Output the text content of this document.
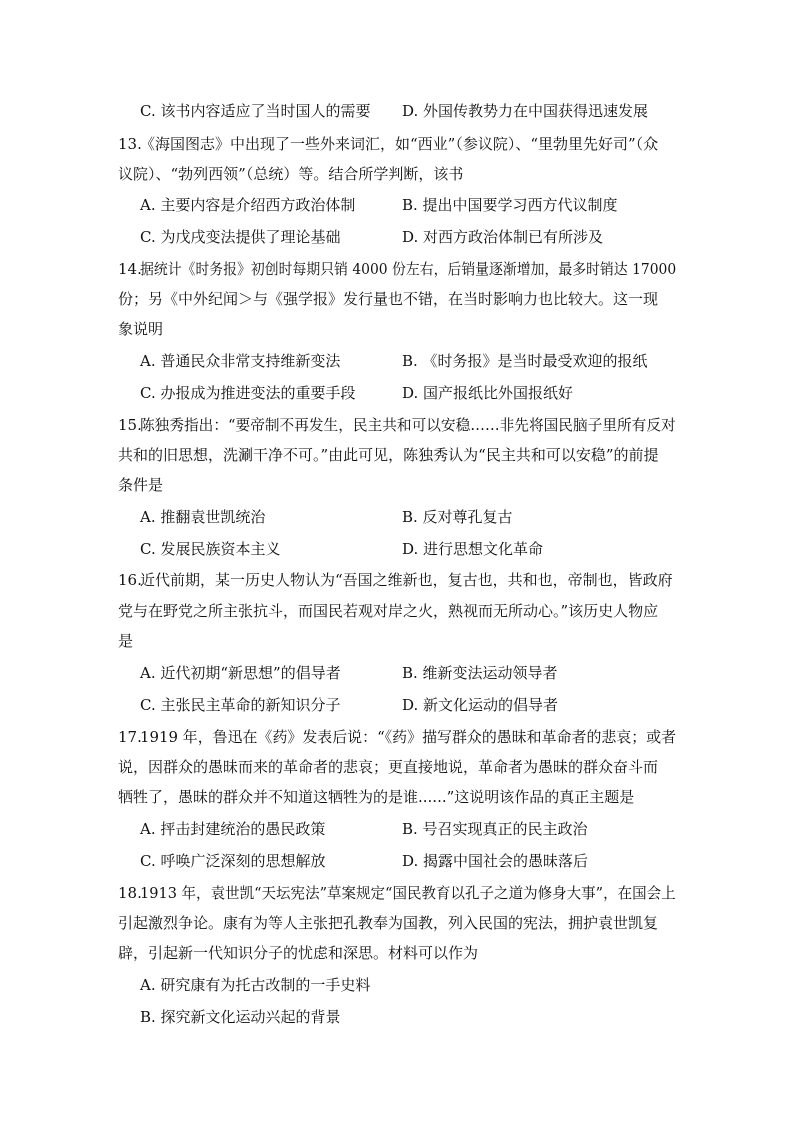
C. 该书内容适应了当时国人的需要 D. 外国传教势力在中国获得迅速发展
13.
《海国图志》中出现了一些外来词汇，如“西业”（参议院）、“里勃里先好司”（众
议院）、“勃列西领”（总统）等。结合所学判断，该书
A. 主要内容是介绍西方政治体制	B. 提出中国要学习西方代议制度
C. 为戊戌变法提供了理论基础	D. 对西方政治体制已有所涉及
14.
据统计《时务报》初创时每期只销 4000 份左右，后销量逐渐增加，最多时销达 17000
份；另《中外纪闻＞与《强学报》发行量也不错，在当时影响力也比较大。这一现
象说明
A. 普通民众非常支持维新变法	B. 《时务报》是当时最受欢迎的报纸
C. 办报成为推进变法的重要手段	D. 国产报纸比外国报纸好
15.
陈独秀指出：“要帝制不再发生，民主共和可以安稳……非先将国民脑子里所有反对
共和的旧思想，洗涮干净不可。”由此可见，陈独秀认为“民主共和可以安稳”的前提
条件是
A. 推翻袁世凯统治	B. 反对尊孔复古
C. 发展民族资本主义	D. 进行思想文化革命
16.
近代前期，某一历史人物认为“吾国之维新也，复古也，共和也，帝制也，皆政府
党与在野党之所主张抗斗，而国民若观对岸之火，熟视而无所动心。”该历史人物应
是
A. 近代初期“新思想”的倡导者	B. 维新变法运动领导者
C. 主张民主革命的新知识分子	D. 新文化运动的倡导者
17.
1919 年，鲁迅在《药》发表后说：“《药》描写群众的愚昧和革命者的悲哀；或者
说，因群众的愚昧而来的革命者的悲哀；更直接地说，革命者为愚昧的群众奋斗而
牺牲了，愚昧的群众并不知道这牺牲为的是谁......”这说明该作品的真正主题是
A. 抨击封建统治的愚民政策	B. 号召实现真正的民主政治
C. 呼唤广泛深刻的思想解放	D. 揭露中国社会的愚昧落后
18.
1913 年，袁世凯“天坛宪法”草案规定“国民教育以孔子之道为修身大事”，在国会上
引起激烈争论。康有为等人主张把孔教奉为国教，列入民国的宪法，拥护袁世凯复
辟，引起新一代知识分子的忧虑和深思。材料可以作为
A. 研究康有为托古改制的一手史料
B. 探究新文化运动兴起的背景
